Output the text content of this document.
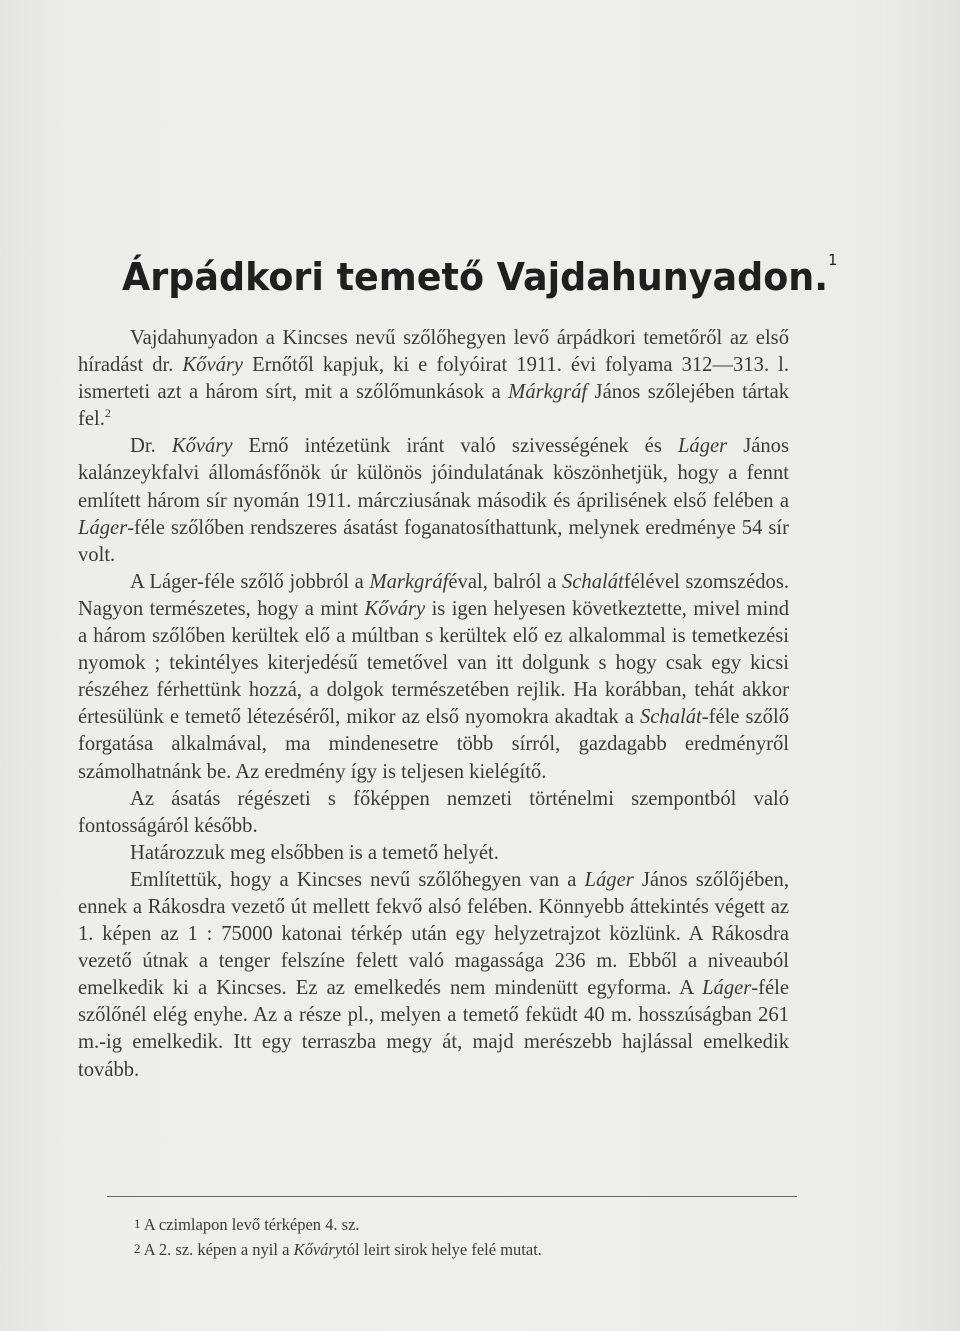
Árpádkori temető Vajdahunyadon.$^1$

Vajdahunyadon a Kincses nevű szőlőhegyen levő árpádkori temetőről az első híradást dr. Kőváry Ernőtől kapjuk, ki e folyóirat 1911. évi folyama 312—313. l. ismerteti azt a három sírt, mit a szőlőmunkások a Márkgráf János szőlejében tártak fel.$^2$

Dr. Kőváry Ernő intézetünk iránt való szivességének és Láger János kalánzeykfalvi állomásfőnök úr különös jóindulatának köszönhetjük, hogy a fennt említett három sír nyomán 1911. márcziusának második és áprilisének első felében a Láger-féle szőlőben rendszeres ásatást foganatosíthattunk, melynek eredménye 54 sír volt.

A Láger-féle szőlő jobbról a Markgráféval, balról a Schalátfélével szomszédos. Nagyon természetes, hogy a mint Kőváry is igen helyesen következtette, mivel mind a három szőlőben kerültek elő a múltban s kerültek elő ez alkalommal is temetkezési nyomok ; tekintélyes kiterjedésű temetővel van itt dolgunk s hogy csak egy kicsi részéhez férhettünk hozzá, a dolgok természetében rejlik. Ha korábban, tehát akkor értesülünk e temető létezéséről, mikor az első nyomokra akadtak a Schalát-féle szőlő forgatása alkalmával, ma mindenesetre több sírról, gazdagabb eredményről számolhatnánk be. Az eredmény így is teljesen kielégítő.

Az ásatás régészeti s főképpen nemzeti történelmi szempontból való fontosságáról később.

Határozzuk meg elsőbben is a temető helyét.

Említettük, hogy a Kincses nevű szőlőhegyen van a Láger János szőlőjében, ennek a Rákosdra vezető út mellett fekvő alsó felében. Könnyebb áttekintés végett az 1. képen az 1 : 75000 katonai térkép után egy helyzetrajzot közlünk. A Rákosdra vezető útnak a tenger felszíne felett való magassága 236 m. Ebből a niveauból emelkedik ki a Kincses. Ez az emelkedés nem mindenütt egyforma. A Láger-féle szőlőnél elég enyhe. Az a része pl., melyen a temető feküdt 40 m. hosszúságban 261 m.-ig emelkedik. Itt egy terraszba megy át, majd merészebb hajlással emelkedik tovább.

1 A czimlapon levő térképen 4. sz.
2 A 2. sz. képen a nyil a Kővárytól leirt sirok helye felé mutat.
